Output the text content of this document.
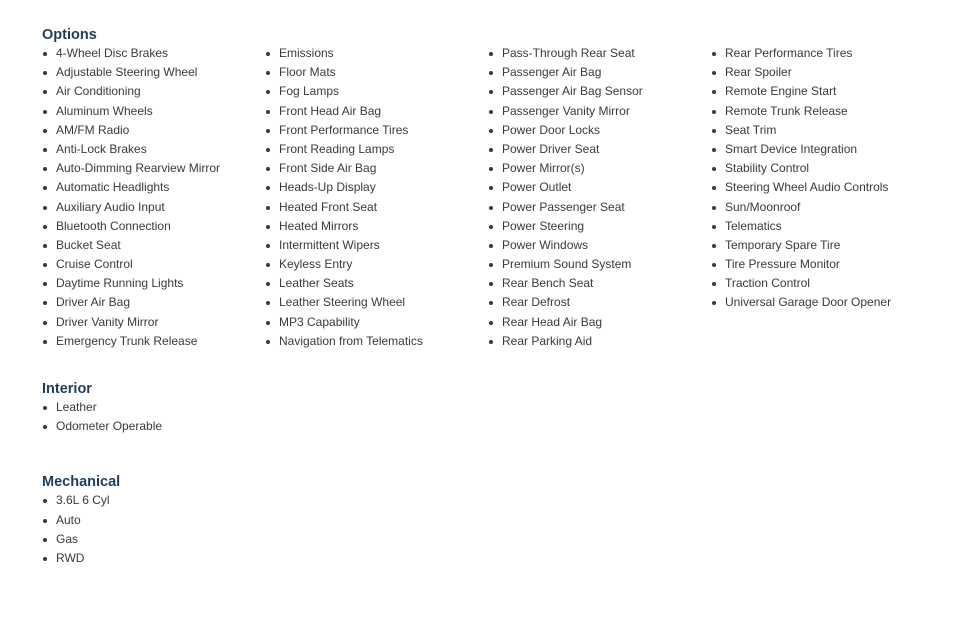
Options
4-Wheel Disc Brakes
Adjustable Steering Wheel
Air Conditioning
Aluminum Wheels
AM/FM Radio
Anti-Lock Brakes
Auto-Dimming Rearview Mirror
Automatic Headlights
Auxiliary Audio Input
Bluetooth Connection
Bucket Seat
Cruise Control
Daytime Running Lights
Driver Air Bag
Driver Vanity Mirror
Emergency Trunk Release
Emissions
Floor Mats
Fog Lamps
Front Head Air Bag
Front Performance Tires
Front Reading Lamps
Front Side Air Bag
Heads-Up Display
Heated Front Seat
Heated Mirrors
Intermittent Wipers
Keyless Entry
Leather Seats
Leather Steering Wheel
MP3 Capability
Navigation from Telematics
Pass-Through Rear Seat
Passenger Air Bag
Passenger Air Bag Sensor
Passenger Vanity Mirror
Power Door Locks
Power Driver Seat
Power Mirror(s)
Power Outlet
Power Passenger Seat
Power Steering
Power Windows
Premium Sound System
Rear Bench Seat
Rear Defrost
Rear Head Air Bag
Rear Parking Aid
Rear Performance Tires
Rear Spoiler
Remote Engine Start
Remote Trunk Release
Seat Trim
Smart Device Integration
Stability Control
Steering Wheel Audio Controls
Sun/Moonroof
Telematics
Temporary Spare Tire
Tire Pressure Monitor
Traction Control
Universal Garage Door Opener
Interior
Leather
Odometer Operable
Mechanical
3.6L 6 Cyl
Auto
Gas
RWD
